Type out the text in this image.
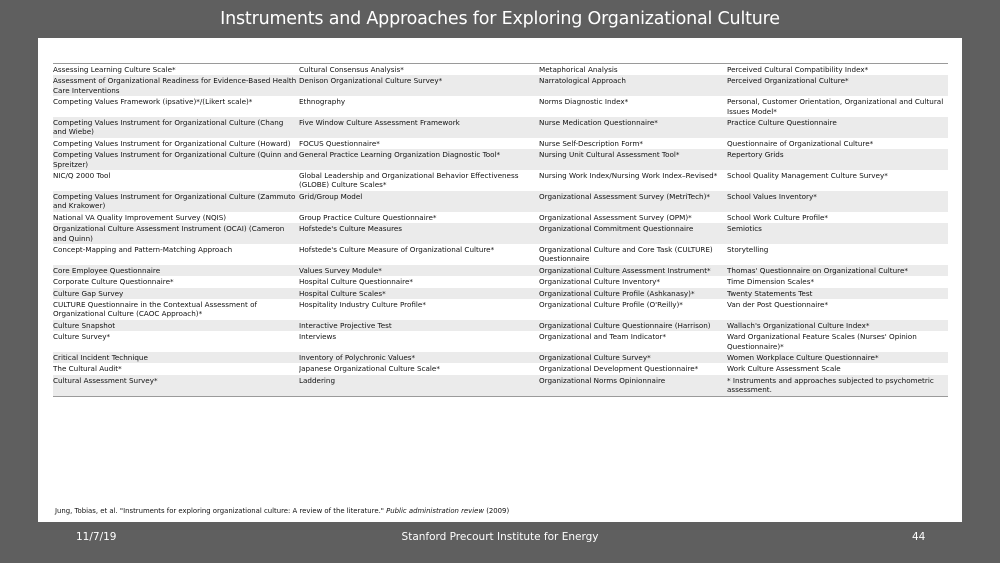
Instruments and Approaches for Exploring Organizational Culture
Assessing Learning Culture Scale*	Cultural Consensus Analysis*	Metaphorical Analysis	Perceived Cultural Compatibility Index*
Assessment of Organizational Readiness for Evidence-Based Health Care Interventions	Denison Organizational Culture Survey*	Narratological Approach	Perceived Organizational Culture*
Competing Values Framework (ipsative)*/(Likert scale)*	Ethnography	Norms Diagnostic Index*	Personal, Customer Orientation, Organizational and Cultural Issues Model*
Competing Values Instrument for Organizational Culture (Chang and Wiebe)	Five Window Culture Assessment Framework	Nurse Medication Questionnaire*	Practice Culture Questionnaire
Competing Values Instrument for Organizational Culture (Howard)	FOCUS Questionnaire*	Nurse Self-Description Form*	Questionnaire of Organizational Culture*
Competing Values Instrument for Organizational Culture (Quinn and Spreitzer)	General Practice Learning Organization Diagnostic Tool*	Nursing Unit Cultural Assessment Tool*	Repertory Grids
NIC/Q 2000 Tool	Global Leadership and Organizational Behavior Effectiveness (GLOBE) Culture Scales*	Nursing Work Index/Nursing Work Index–Revised*	School Quality Management Culture Survey*
Competing Values Instrument for Organizational Culture (Zammuto and Krakower)	Grid/Group Model	Organizational Assessment Survey (MetriTech)*	School Values Inventory*
National VA Quality Improvement Survey (NQIS)	Group Practice Culture Questionnaire*	Organizational Assessment Survey (OPM)*	School Work Culture Profile*
Organizational Culture Assessment Instrument (OCAI) (Cameron and Quinn)	Hofstede's Culture Measures	Organizational Commitment Questionnaire	Semiotics
Concept-Mapping and Pattern-Matching Approach	Hofstede's Culture Measure of Organizational Culture*	Organizational Culture and Core Task (CULTURE) Questionnaire	Storytelling
Core Employee Questionnaire	Values Survey Module*	Organizational Culture Assessment Instrument*	Thomas' Questionnaire on Organizational Culture*
Corporate Culture Questionnaire*	Hospital Culture Questionnaire*	Organizational Culture Inventory*	Time Dimension Scales*
Culture Gap Survey	Hospital Culture Scales*	Organizational Culture Profile (Ashkanasy)*	Twenty Statements Test
CULTURE Questionnaire in the Contextual Assessment of Organizational Culture (CAOC Approach)*	Hospitality Industry Culture Profile*	Organizational Culture Profile (O'Reilly)*	Van der Post Questionnaire*
Culture Snapshot	Interactive Projective Test	Organizational Culture Questionnaire (Harrison)	Wallach's Organizational Culture Index*
Culture Survey*	Interviews	Organizational and Team Indicator*	Ward Organizational Feature Scales (Nurses' Opinion Questionnaire)*
Critical Incident Technique	Inventory of Polychronic Values*	Organizational Culture Survey*	Women Workplace Culture Questionnaire*
The Cultural Audit*	Japanese Organizational Culture Scale*	Organizational Development Questionnaire*	Work Culture Assessment Scale
Cultural Assessment Survey*	Laddering	Organizational Norms Opinionnaire	* Instruments and approaches subjected to psychometric assessment.
Jung, Tobias, et al. "Instruments for exploring organizational culture: A review of the literature." Public administration review (2009)
11/7/19	Stanford Precourt Institute for Energy	44
